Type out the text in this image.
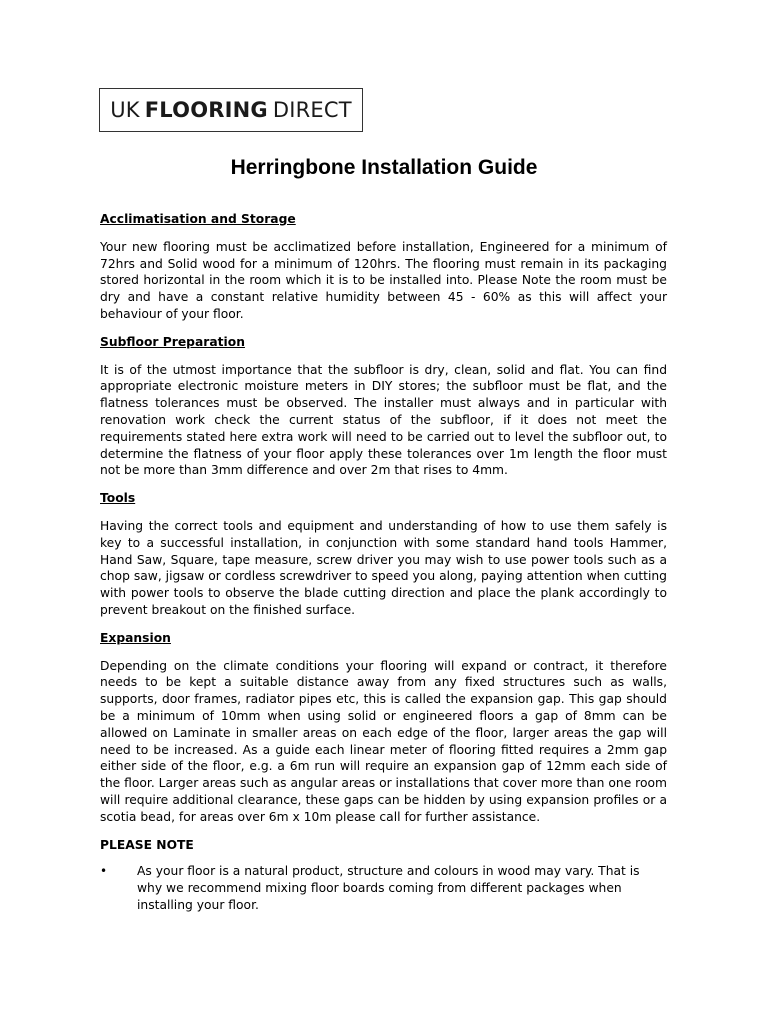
UK FLOORING DIRECT
Herringbone Installation Guide

Acclimatisation and Storage

Your new flooring must be acclimatized before installation, Engineered for a minimum of 72hrs and Solid wood for a minimum of 120hrs. The flooring must remain in its packaging stored horizontal in the room which it is to be installed into. Please Note the room must be dry and have a constant relative humidity between 45 - 60% as this will affect your behaviour of your floor.

Subfloor Preparation

It is of the utmost importance that the subfloor is dry, clean, solid and flat. You can find appropriate electronic moisture meters in DIY stores; the subfloor must be flat, and the flatness tolerances must be observed. The installer must always and in particular with renovation work check the current status of the subfloor, if it does not meet the requirements stated here extra work will need to be carried out to level the subfloor out, to determine the flatness of your floor apply these tolerances over 1m length the floor must not be more than 3mm difference and over 2m that rises to 4mm.

Tools

Having the correct tools and equipment and understanding of how to use them safely is key to a successful installation, in conjunction with some standard hand tools Hammer, Hand Saw, Square, tape measure, screw driver you may wish to use power tools such as a chop saw, jigsaw or cordless screwdriver to speed you along, paying attention when cutting with power tools to observe the blade cutting direction and place the plank accordingly to prevent breakout on the finished surface.

Expansion

Depending on the climate conditions your flooring will expand or contract, it therefore needs to be kept a suitable distance away from any fixed structures such as walls, supports, door frames, radiator pipes etc, this is called the expansion gap. This gap should be a minimum of 10mm when using solid or engineered floors a gap of 8mm can be allowed on Laminate in smaller areas on each edge of the floor, larger areas the gap will need to be increased. As a guide each linear meter of flooring fitted requires a 2mm gap either side of the floor, e.g. a 6m run will require an expansion gap of 12mm each side of the floor. Larger areas such as angular areas or installations that cover more than one room will require additional clearance, these gaps can be hidden by using expansion profiles or a scotia bead, for areas over 6m x 10m please call for further assistance.

PLEASE NOTE

•	As your floor is a natural product, structure and colours in wood may vary. That is why we recommend mixing floor boards coming from different packages when installing your floor.
